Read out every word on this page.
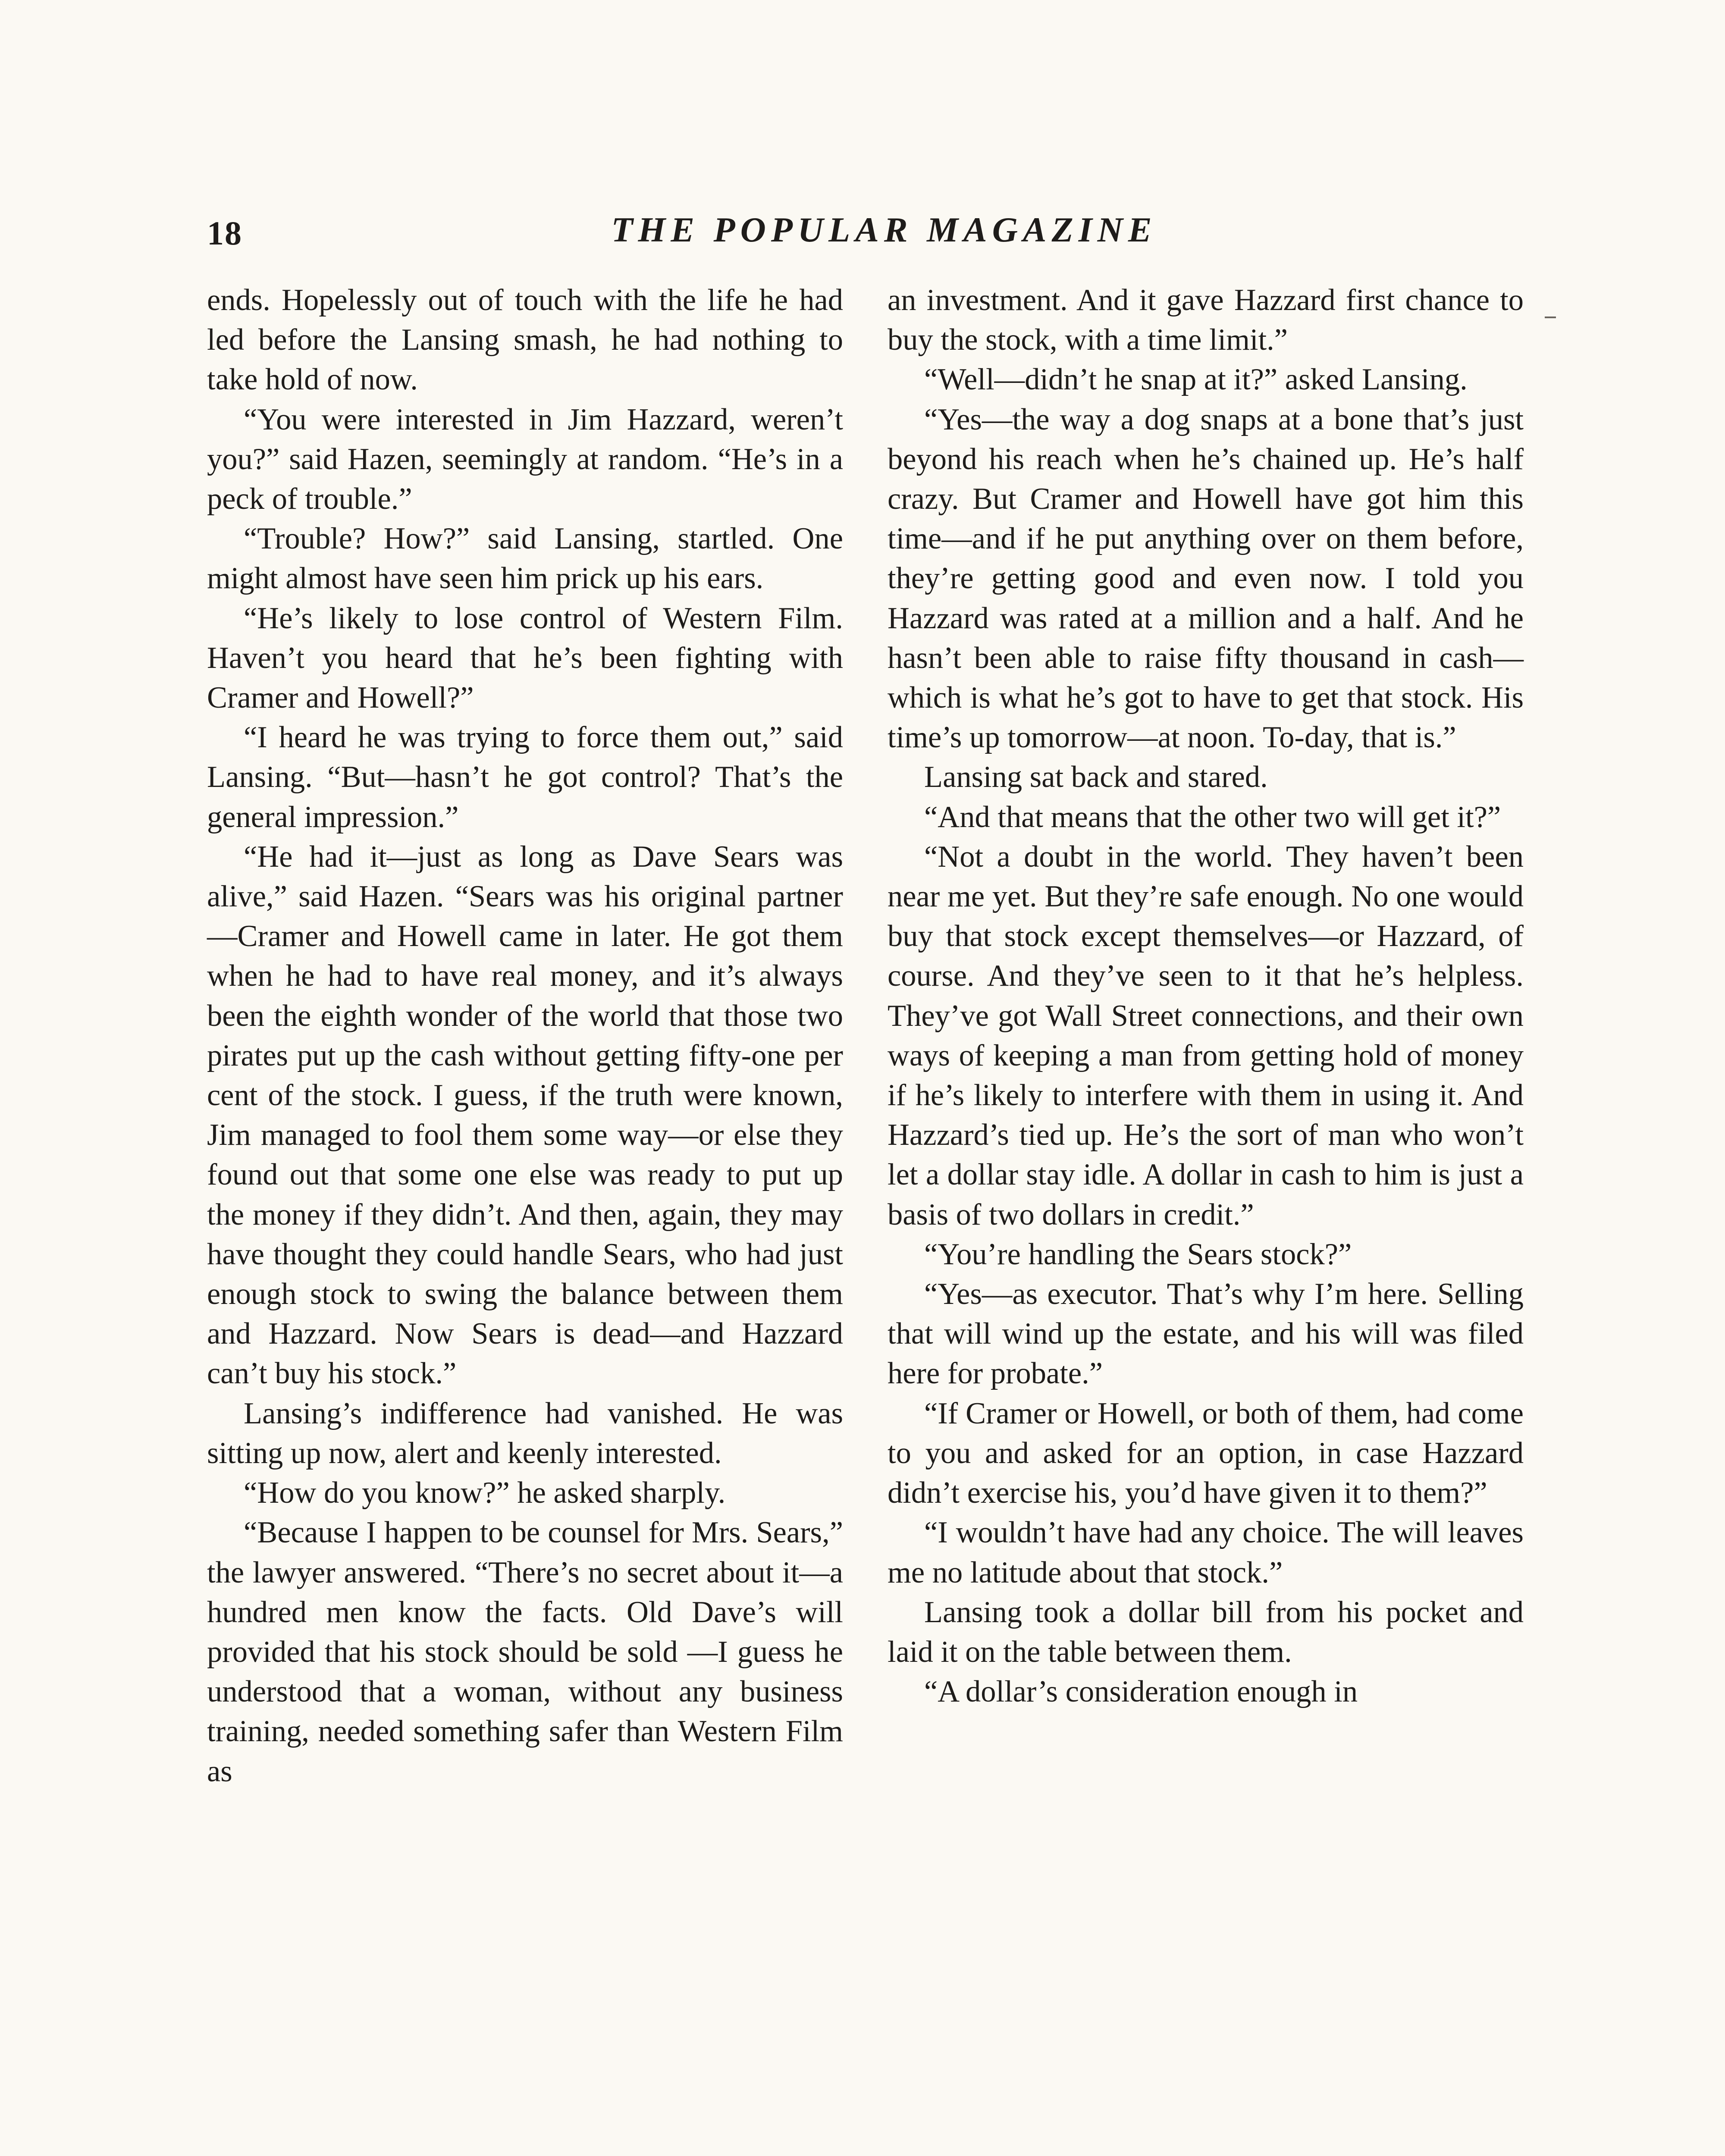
18	THE POPULAR MAGAZINE

ends. Hopelessly out of touch with the life he had led before the Lansing smash, he had nothing to take hold of now.

“You were interested in Jim Hazzard, weren’t you?” said Hazen, seemingly at random. “He’s in a peck of trouble.”

“Trouble? How?” said Lansing, startled. One might almost have seen him prick up his ears.

“He’s likely to lose control of Western Film. Haven’t you heard that he’s been fighting with Cramer and Howell?”

“I heard he was trying to force them out,” said Lansing. “But—hasn’t he got control? That’s the general impression.”

“He had it—just as long as Dave Sears was alive,” said Hazen. “Sears was his original partner—Cramer and Howell came in later. He got them when he had to have real money, and it’s always been the eighth wonder of the world that those two pirates put up the cash without getting fifty-one per cent of the stock. I guess, if the truth were known, Jim managed to fool them some way—or else they found out that some one else was ready to put up the money if they didn’t. And then, again, they may have thought they could handle Sears, who had just enough stock to swing the balance between them and Hazzard. Now Sears is dead—and Hazzard can’t buy his stock.”

Lansing’s indifference had vanished. He was sitting up now, alert and keenly interested.

“How do you know?” he asked sharply.

“Because I happen to be counsel for Mrs. Sears,” the lawyer answered. “There’s no secret about it—a hundred men know the facts. Old Dave’s will provided that his stock should be sold —I guess he understood that a woman, without any business training, needed something safer than Western Film as

an investment. And it gave Hazzard first chance to buy the stock, with a time limit.”

“Well—didn’t he snap at it?” asked Lansing.

“Yes—the way a dog snaps at a bone that’s just beyond his reach when he’s chained up. He’s half crazy. But Cramer and Howell have got him this time—and if he put anything over on them before, they’re getting good and even now. I told you Hazzard was rated at a million and a half. And he hasn’t been able to raise fifty thousand in cash—which is what he’s got to have to get that stock. His time’s up tomorrow—at noon. To-day, that is.”

Lansing sat back and stared.

“And that means that the other two will get it?”

“Not a doubt in the world. They haven’t been near me yet. But they’re safe enough. No one would buy that stock except themselves—or Hazzard, of course. And they’ve seen to it that he’s helpless. They’ve got Wall Street connections, and their own ways of keeping a man from getting hold of money if he’s likely to interfere with them in using it. And Hazzard’s tied up. He’s the sort of man who won’t let a dollar stay idle. A dollar in cash to him is just a basis of two dollars in credit.”

“You’re handling the Sears stock?”

“Yes—as executor. That’s why I’m here. Selling that will wind up the estate, and his will was filed here for probate.”

“If Cramer or Howell, or both of them, had come to you and asked for an option, in case Hazzard didn’t exercise his, you’d have given it to them?”

“I wouldn’t have had any choice. The will leaves me no latitude about that stock.”

Lansing took a dollar bill from his pocket and laid it on the table between them.

“A dollar’s consideration enough in
